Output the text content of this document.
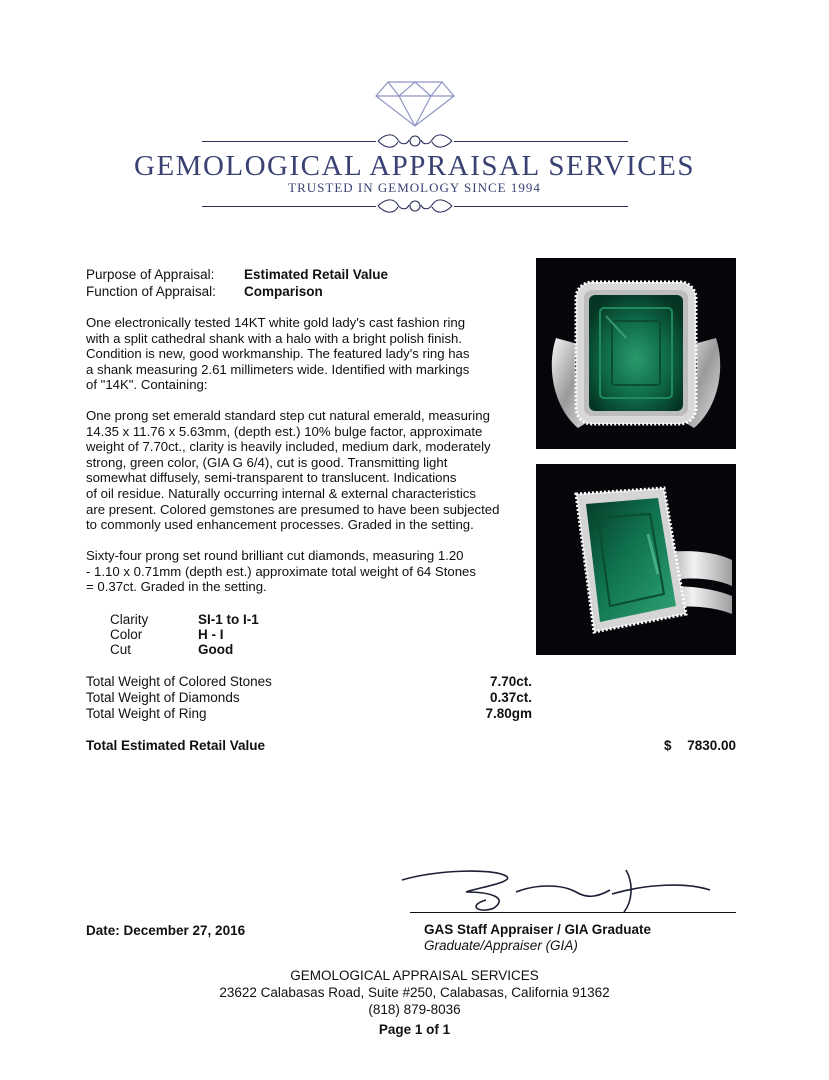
GEMOLOGICAL APPRAISAL SERVICES
TRUSTED IN GEMOLOGY SINCE 1994
Purpose of Appraisal: Estimated Retail Value
Function of Appraisal: Comparison
One electronically tested 14KT white gold lady's cast fashion ring
with a split cathedral shank with a halo with a bright polish finish.
Condition is new, good workmanship. The featured lady's ring has
a shank measuring 2.61 millimeters wide. Identified with markings
of "14K". Containing:
One prong set emerald standard step cut natural emerald, measuring
14.35 x 11.76 x 5.63mm, (depth est.) 10% bulge factor, approximate
weight of 7.70ct., clarity is heavily included, medium dark, moderately
strong, green color, (GIA G 6/4), cut is good. Transmitting light
somewhat diffusely, semi-transparent to translucent. Indications
of oil residue. Naturally occurring internal & external characteristics
are present. Colored gemstones are presumed to have been subjected
to commonly used enhancement processes. Graded in the setting.
Sixty-four prong set round brilliant cut diamonds, measuring 1.20
- 1.10 x 0.71mm (depth est.) approximate total weight of 64 Stones
= 0.37ct. Graded in the setting.
Clarity	SI-1 to I-1
Color	H - I
Cut	Good
Total Weight of Colored Stones	7.70ct.
Total Weight of Diamonds	0.37ct.
Total Weight of Ring	7.80gm
Total Estimated Retail Value	$	7830.00
Date: December 27, 2016	GAS Staff Appraiser / GIA Graduate
Graduate/Appraiser (GIA)
GEMOLOGICAL APPRAISAL SERVICES
23622 Calabasas Road, Suite #250, Calabasas, California 91362
(818) 879-8036
Page 1 of 1
